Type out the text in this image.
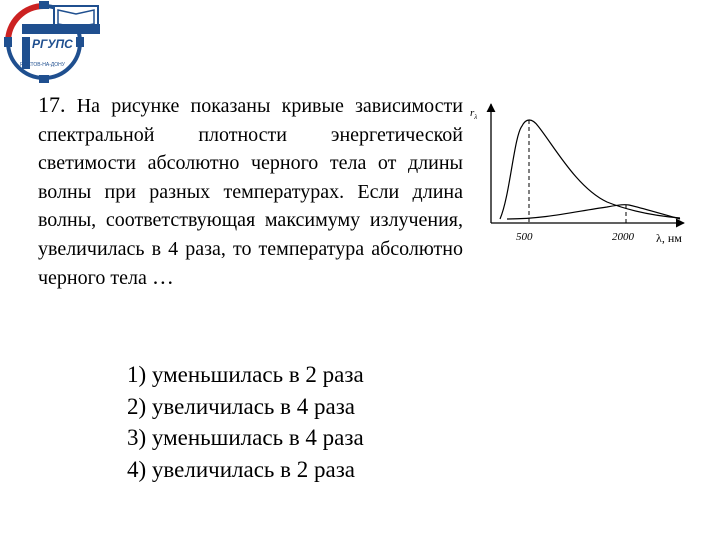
РГУПС
РОСТОВ-НА-ДОНУ
17. На рисунке показаны кривые зависимости спектральной плотности энергетической светимости абсолютно черного тела от длины волны при разных температурах. Если длина волны, соответствующая максимуму излучения, увеличилась в 4 раза, то температура абсолютно черного тела …
$r_\lambda$
500	2000 λ, нм
1) уменьшилась в 2 раза
2) увеличилась в 4 раза
3) уменьшилась в 4 раза
4) увеличилась в 2 раза
